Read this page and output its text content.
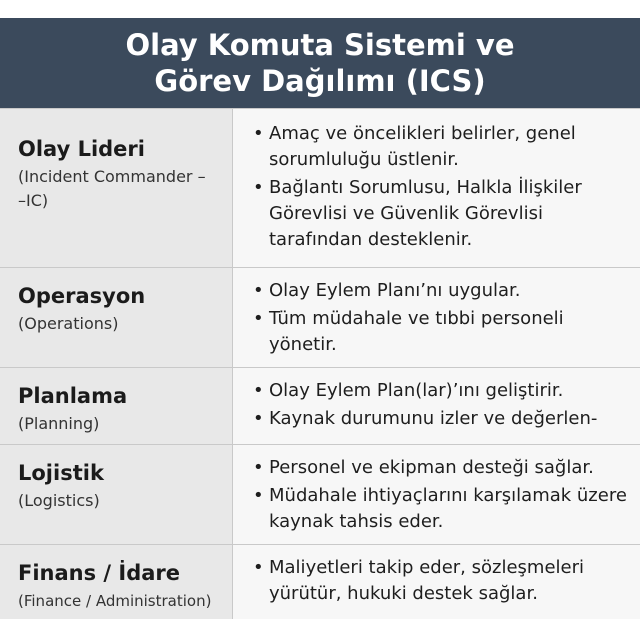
Olay Komuta Sistemi ve
Görev Dağılımı (ICS)
Olay Lideri
(Incident Commander –
–IC)
• Amaç ve öncelikleri belirler, genel sorumluluğu üstlenir.
• Bağlantı Sorumlusu, Halkla İlişkiler Görevlisi ve Güvenlik Görevlisi tarafından desteklenir.
Operasyon
(Operations)
• Olay Eylem Planı’nı uygular.
• Tüm müdahale ve tıbbi personeli yönetir.
Planlama
(Planning)
• Olay Eylem Plan(lar)’ını geliştirir.
• Kaynak durumunu izler ve değerlen-
Lojistik
(Logistics)
• Personel ve ekipman desteği sağlar.
• Müdahale ihtiyaçlarını karşılamak üzere kaynak tahsis eder.
Finans / İdare
(Finance / Administration)
• Maliyetleri takip eder, sözleşmeleri yürütür, hukuki destek sağlar.
